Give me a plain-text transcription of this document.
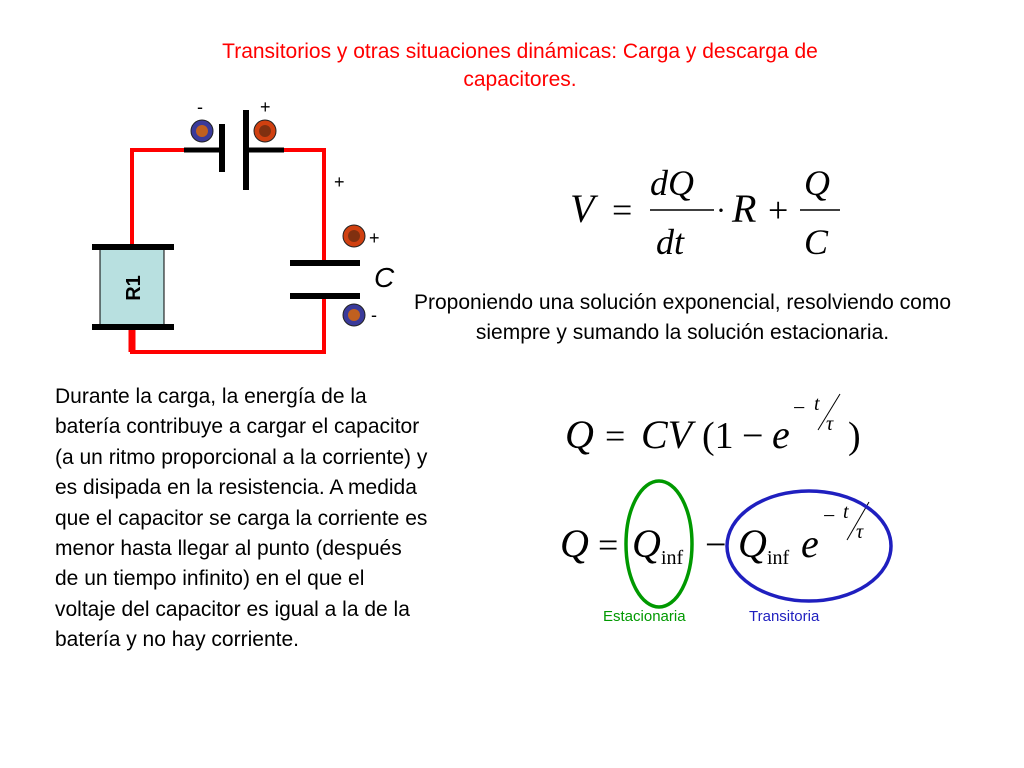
Transitorios y otras situaciones dinámicas: Carga y descarga de capacitores.
R1
V =
dQ
dt
· R +
Q
C
Q = CV (1 − e
− t
τ )
Q = Q inf − Q inf e
− t
τ
-	+
+
+
-
C
Proponiendo una solución exponencial, resolviendo como siempre y sumando la solución estacionaria.
Durante la carga, la energía de la batería contribuye a cargar el capacitor (a un ritmo proporcional a la corriente) y es disipada en la resistencia. A medida que el capacitor se carga la corriente es menor hasta llegar al punto (después de un tiempo infinito) en el que el voltaje del capacitor es igual a la de la batería y no hay corriente.
Estacionaria	Transitoria
